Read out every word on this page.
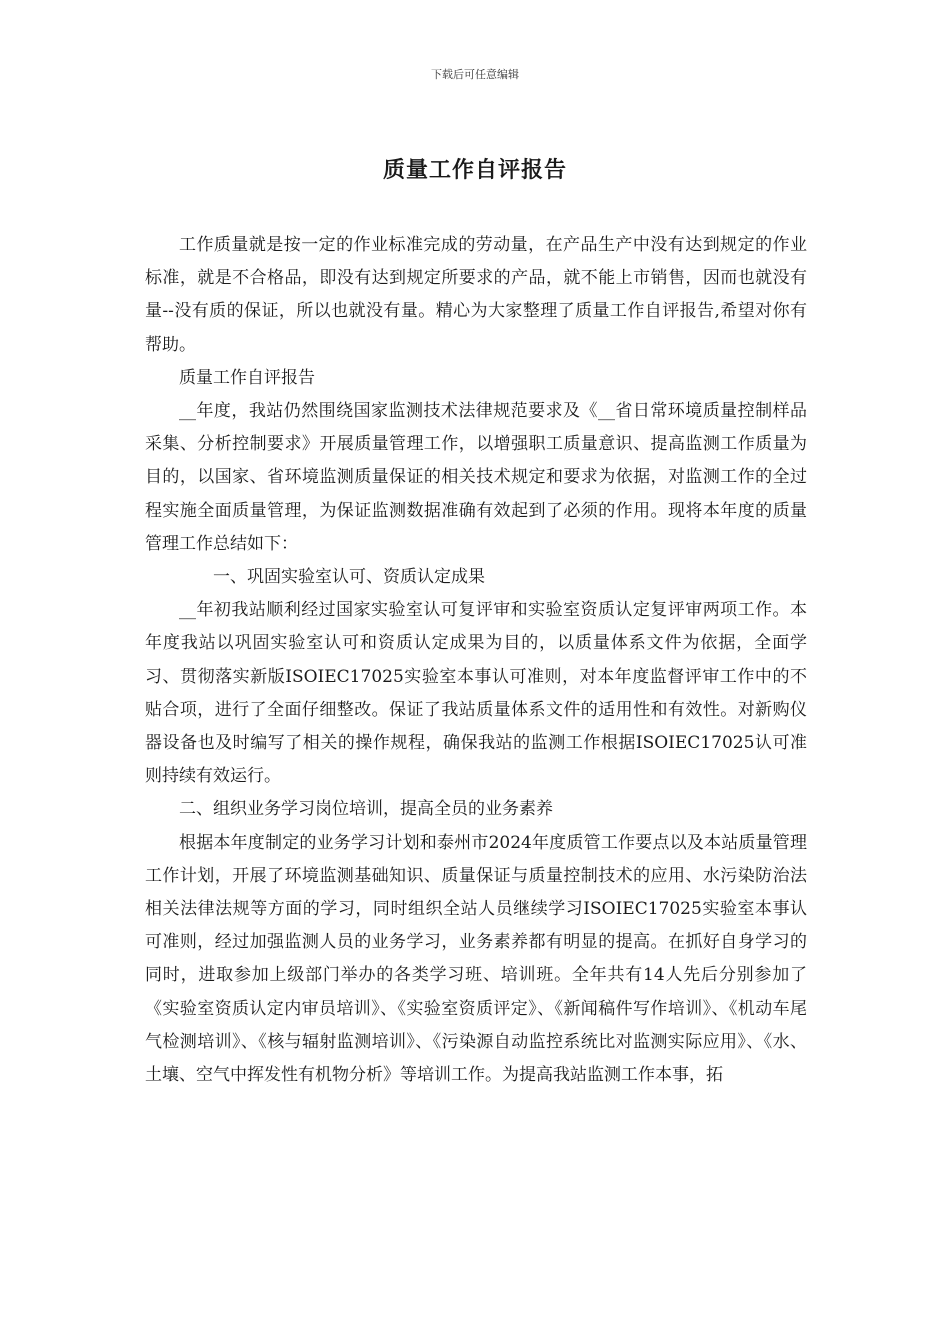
下载后可任意编辑
质量工作自评报告

工作质量就是按一定的作业标准完成的劳动量，在产品生产中没有达到规定的作业标准，就是不合格品，即没有达到规定所要求的产品，就不能上市销售，因而也就没有量--没有质的保证，所以也就没有量。精心为大家整理了质量工作自评报告,希望对你有帮助。

质量工作自评报告

__年度，我站仍然围绕国家监测技术法律规范要求及《__省日常环境质量控制样品采集、分析控制要求》开展质量管理工作，以增强职工质量意识、提高监测工作质量为目的，以国家、省环境监测质量保证的相关技术规定和要求为依据，对监测工作的全过程实施全面质量管理，为保证监测数据准确有效起到了必须的作用。现将本年度的质量管理工作总结如下：

一、巩固实验室认可、资质认定成果

__年初我站顺利经过国家实验室认可复评审和实验室资质认定复评审两项工作。本年度我站以巩固实验室认可和资质认定成果为目的，以质量体系文件为依据，全面学习、贯彻落实新版ISOIEC17025实验室本事认可准则，对本年度监督评审工作中的不贴合项，进行了全面仔细整改。保证了我站质量体系文件的适用性和有效性。对新购仪器设备也及时编写了相关的操作规程，确保我站的监测工作根据ISOIEC17025认可准则持续有效运行。

二、组织业务学习岗位培训，提高全员的业务素养

根据本年度制定的业务学习计划和泰州市2024年度质管工作要点以及本站质量管理工作计划，开展了环境监测基础知识、质量保证与质量控制技术的应用、水污染防治法相关法律法规等方面的学习，同时组织全站人员继续学习ISOIEC17025实验室本事认可准则，经过加强监测人员的业务学习，业务素养都有明显的提高。在抓好自身学习的同时，进取参加上级部门举办的各类学习班、培训班。全年共有14人先后分别参加了《实验室资质认定内审员培训》、《实验室资质评定》、《新闻稿件写作培训》、《机动车尾气检测培训》、《核与辐射监测培训》、《污染源自动监控系统比对监测实际应用》、《水、土壤、空气中挥发性有机物分析》等培训工作。为提高我站监测工作本事，拓
